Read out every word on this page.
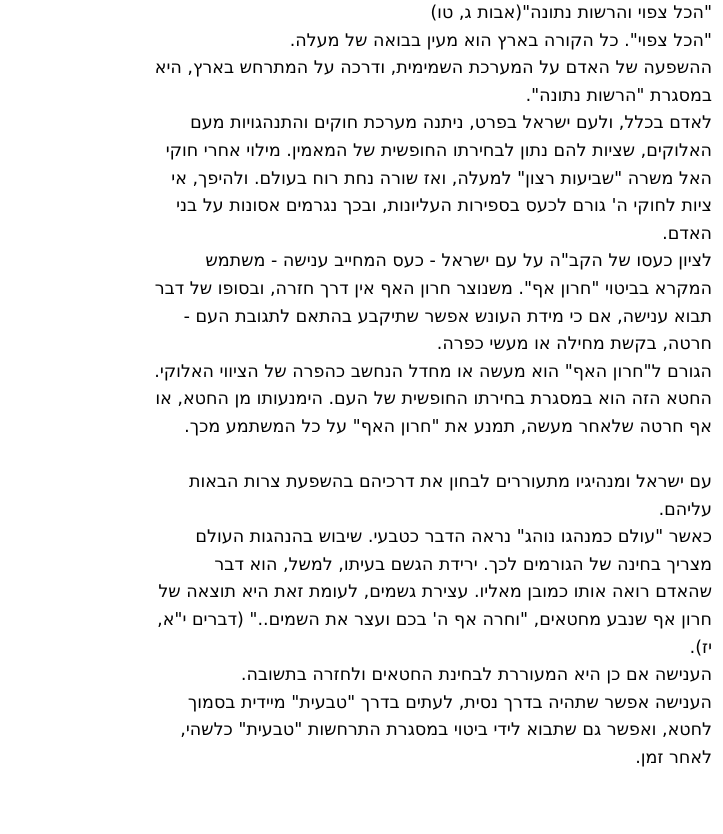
"הכל צפוי והרשות נתונה"(אבות ג, טו)
"הכל צפוי". כל הקורה בארץ הוא מעין בבואה של מעלה.
ההשפעה של האדם על המערכת השמימית, ודרכה על המתרחש בארץ, היא
במסגרת "הרשות נתונה".
לאדם בכלל, ולעם ישראל בפרט, ניתנה מערכת חוקים והתנהגויות מעם
האלוקים, שציות להם נתון לבחירתו החופשית של המאמין. מילוי אחרי חוקי
האל משרה "שביעות רצון" למעלה, ואז שורה נחת רוח בעולם. ולהיפך, אי
ציות לחוקי ה' גורם לכעס בספירות העליונות, ובכך נגרמים אסונות על בני
האדם.
לציון כעסו של הקב"ה על עם ישראל - כעס המחייב ענישה - משתמש
המקרא בביטוי "חרון אף". משנוצר חרון האף אין דרך חזרה, ובסופו של דבר
תבוא ענישה, אם כי מידת העונש אפשר שתיקבע בהתאם לתגובת העם -
חרטה, בקשת מחילה או מעשי כפרה.
הגורם ל"חרון האף" הוא מעשה או מחדל הנחשב כהפרה של הציווי האלוקי.
החטא הזה הוא במסגרת בחירתו החופשית של העם. הימנעותו מן החטא, או
אף חרטה שלאחר מעשה, תמנע את "חרון האף" על כל המשתמע מכך.
עם ישראל ומנהיגיו מתעוררים לבחון את דרכיהם בהשפעת צרות הבאות
עליהם.
כאשר "עולם כמנהגו נוהג" נראה הדבר כטבעי. שיבוש בהנהגות העולם
מצריך בחינה של הגורמים לכך. ירידת הגשם בעיתו, למשל, הוא דבר
שהאדם רואה אותו כמובן מאליו. עצירת גשמים, לעומת זאת היא תוצאה של
חרון אף שנבע מחטאים, "וחרה אף ה' בכם ועצר את השמים.." (דברים י"א,
יז).
הענישה אם כן היא המעוררת לבחינת החטאים ולחזרה בתשובה.
הענישה אפשר שתהיה בדרך נסית, לעתים בדרך "טבעית" מיידית בסמוך
לחטא, ואפשר גם שתבוא לידי ביטוי במסגרת התרחשות "טבעית" כלשהי,
לאחר זמן.
